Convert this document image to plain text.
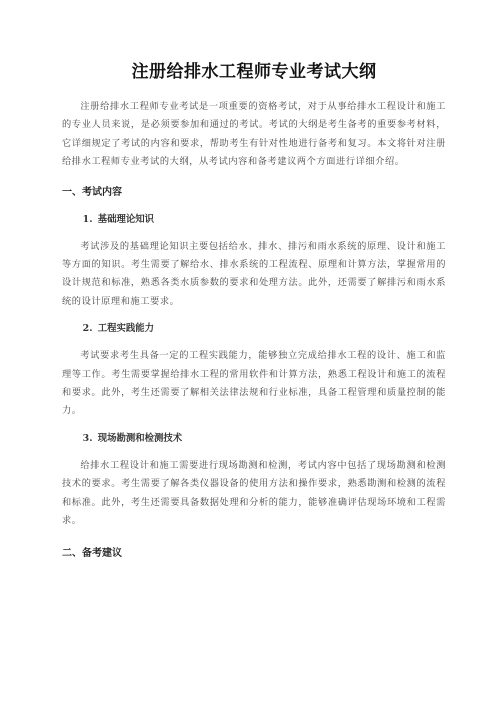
注册给排水工程师专业考试大纲

注册给排水工程师专业考试是一项重要的资格考试，对于从事给排水工程设计和施工的专业人员来说，是必须要参加和通过的考试。考试的大纲是考生备考的重要参考材料，它详细规定了考试的内容和要求，帮助考生有针对性地进行备考和复习。本文将针对注册给排水工程师专业考试的大纲，从考试内容和备考建议两个方面进行详细介绍。

一、考试内容
1. 基础理论知识

考试涉及的基础理论知识主要包括给水、排水、排污和雨水系统的原理、设计和施工等方面的知识。考生需要了解给水、排水系统的工程流程、原理和计算方法，掌握常用的设计规范和标准，熟悉各类水质参数的要求和处理方法。此外，还需要了解排污和雨水系统的设计原理和施工要求。

2. 工程实践能力

考试要求考生具备一定的工程实践能力，能够独立完成给排水工程的设计、施工和监理等工作。考生需要掌握给排水工程的常用软件和计算方法，熟悉工程设计和施工的流程和要求。此外，考生还需要了解相关法律法规和行业标准，具备工程管理和质量控制的能力。

3. 现场勘测和检测技术

给排水工程设计和施工需要进行现场勘测和检测，考试内容中包括了现场勘测和检测技术的要求。考生需要了解各类仪器设备的使用方法和操作要求，熟悉勘测和检测的流程和标准。此外，考生还需要具备数据处理和分析的能力，能够准确评估现场环境和工程需求。

二、备考建议
